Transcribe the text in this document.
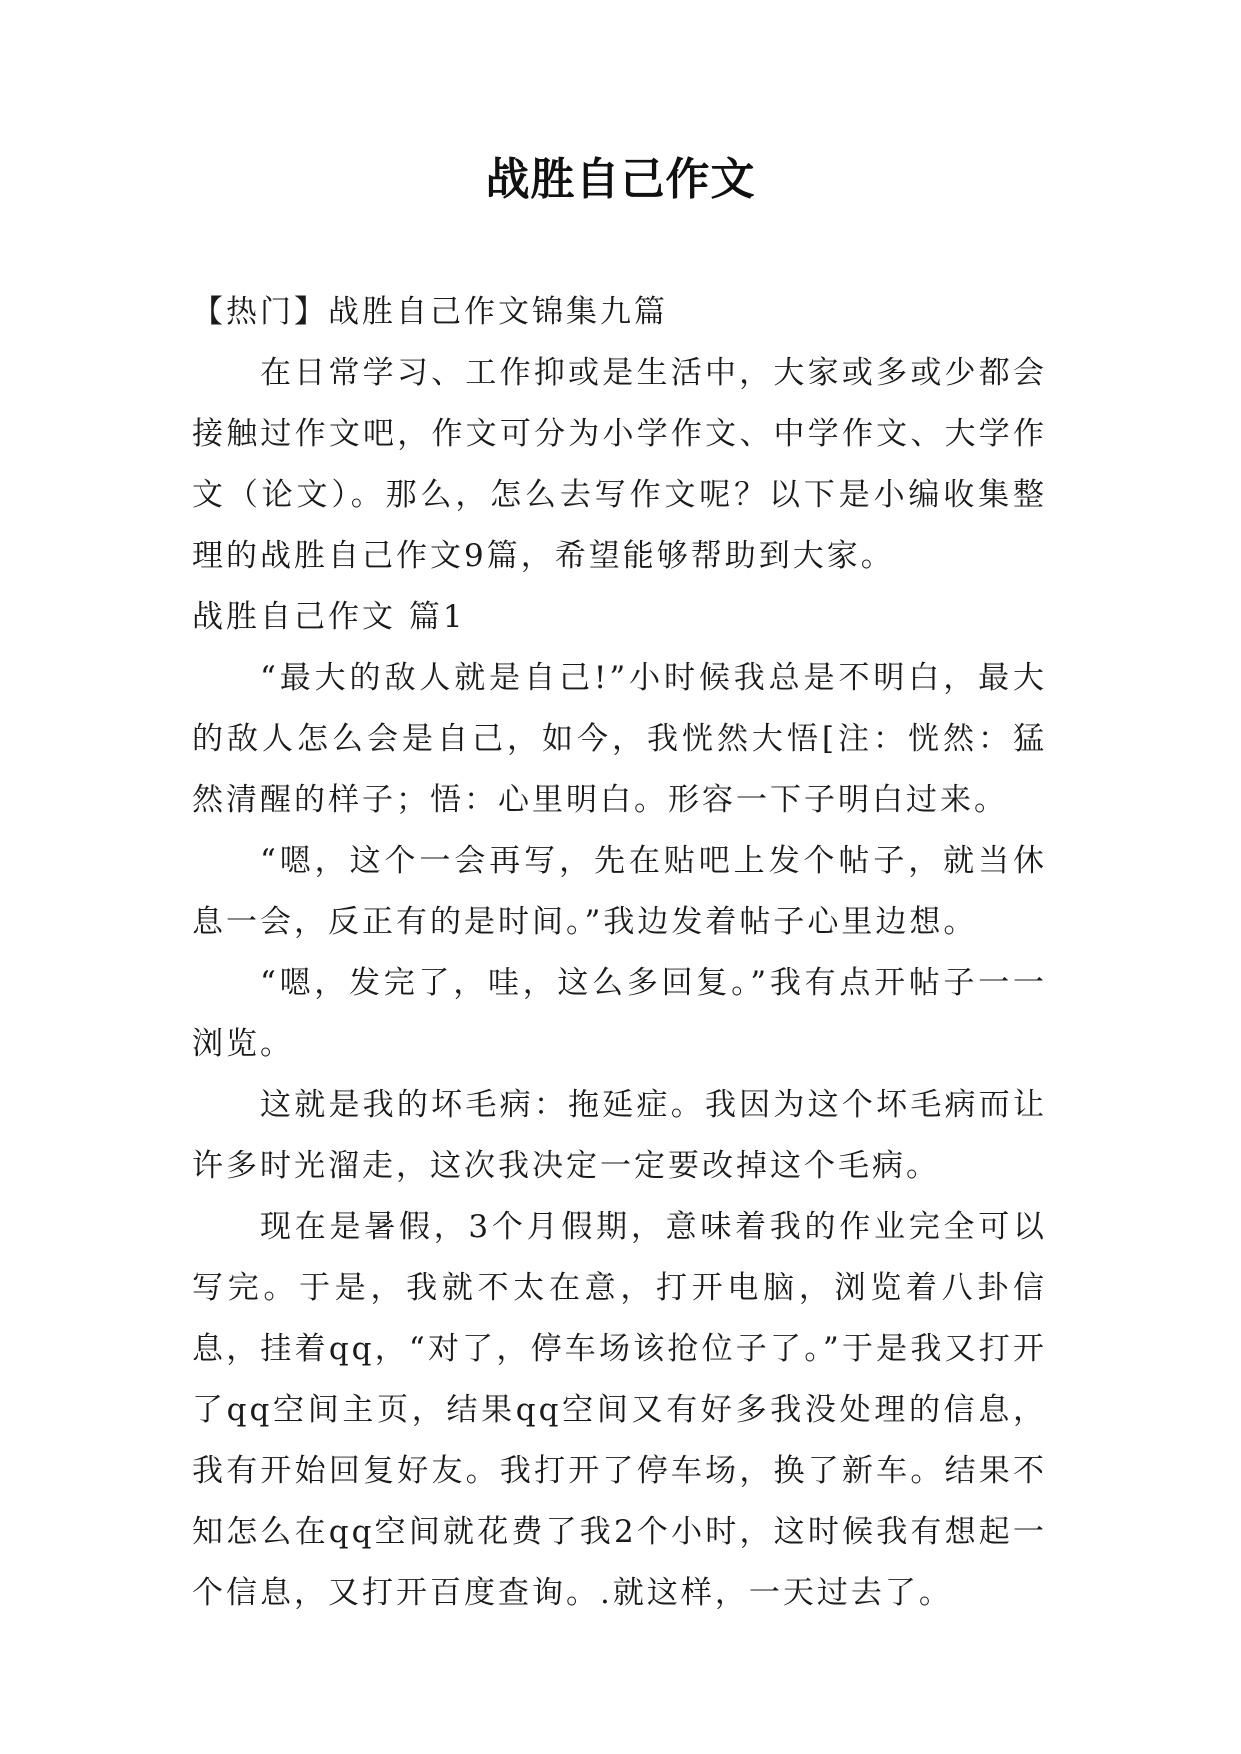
战胜自己作文

【热门】战胜自己作文锦集九篇

在日常学习、工作抑或是生活中，大家或多或少都会接触过作文吧，作文可分为小学作文、中学作文、大学作文（论文）。那么，怎么去写作文呢？以下是小编收集整理的战胜自己作文9篇，希望能够帮助到大家。

战胜自己作文 篇1

“最大的敌人就是自己!”小时候我总是不明白，最大的敌人怎么会是自己，如今，我恍然大悟[注：恍然：猛然清醒的样子；悟：心里明白。形容一下子明白过来。

“嗯，这个一会再写，先在贴吧上发个帖子，就当休息一会，反正有的是时间。”我边发着帖子心里边想。

“嗯，发完了，哇，这么多回复。”我有点开帖子一一浏览。

这就是我的坏毛病：拖延症。我因为这个坏毛病而让许多时光溜走，这次我决定一定要改掉这个毛病。

现在是暑假，3个月假期，意味着我的作业完全可以写完。于是，我就不太在意，打开电脑，浏览着八卦信息，挂着qq，“对了，停车场该抢位子了。”于是我又打开了qq空间主页，结果qq空间又有好多我没处理的信息，我有开始回复好友。我打开了停车场，换了新车。结果不知怎么在qq空间就花费了我2个小时，这时候我有想起一个信息，又打开百度查询。.就这样，一天过去了。
